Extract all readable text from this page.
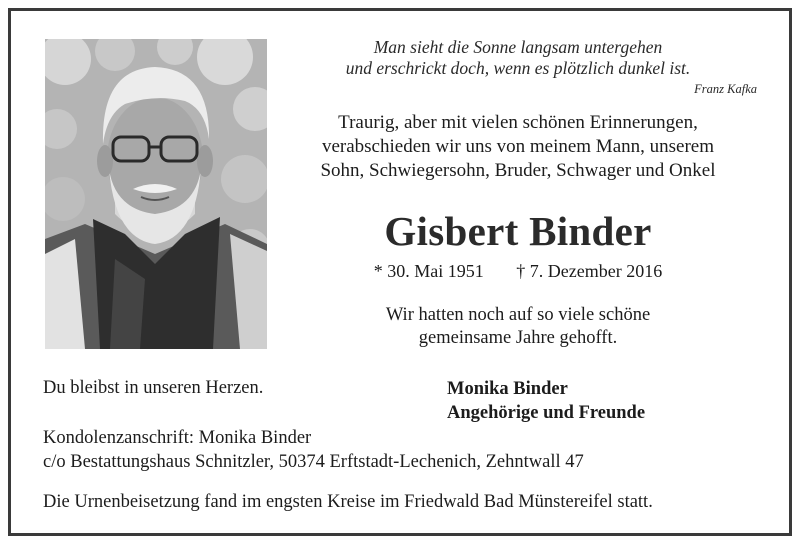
Man sieht die Sonne langsam untergehen
und erschrickt doch, wenn es plötzlich dunkel ist.
Franz Kafka
Traurig, aber mit vielen schönen Erinnerungen,
verabschieden wir uns von meinem Mann, unserem
Sohn, Schwiegersohn, Bruder, Schwager und Onkel
Gisbert Binder
* 30. Mai 1951 † 7. Dezember 2016
Wir hatten noch auf so viele schöne
gemeinsame Jahre gehofft.
Du bleibst in unseren Herzen.	Monika Binder
Angehörige und Freunde
Kondolenzanschrift: Monika Binder
c/o Bestattungshaus Schnitzler, 50374 Erftstadt-Lechenich, Zehntwall 47
Die Urnenbeisetzung fand im engsten Kreise im Friedwald Bad Münstereifel statt.
